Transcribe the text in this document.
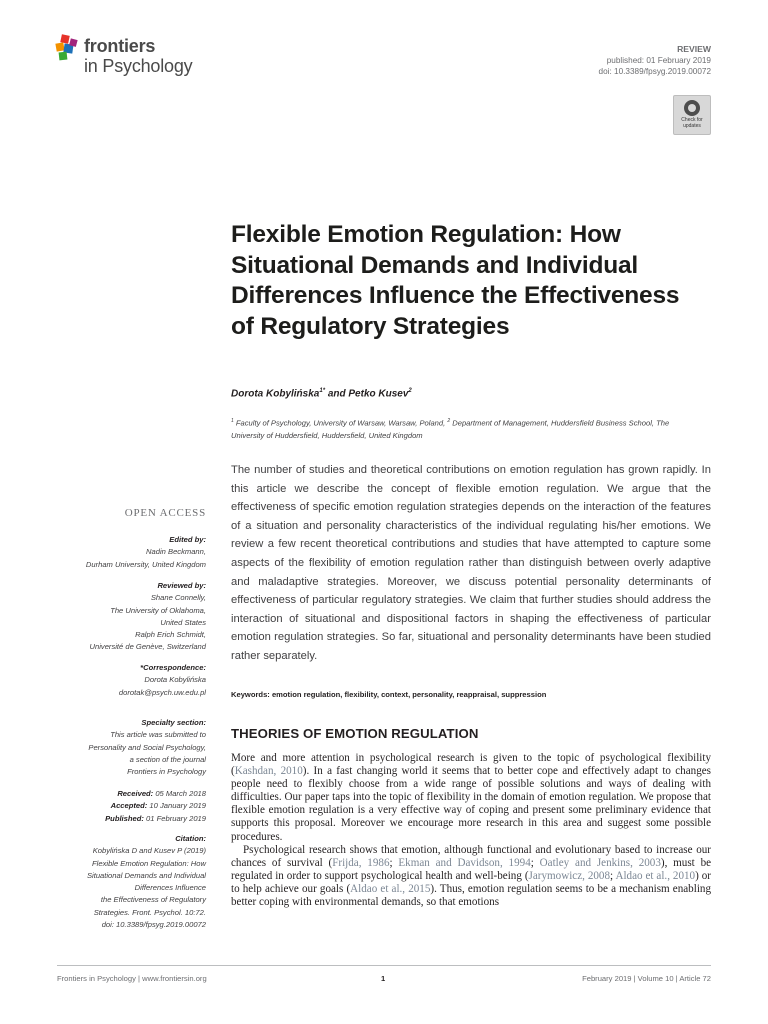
frontiers
in Psychology
REVIEW
published: 01 February 2019
doi: 10.3389/fpsyg.2019.00072
Check for
updates
Flexible Emotion Regulation: How Situational Demands and Individual Differences Influence the Effectiveness of Regulatory Strategies
Dorota Kobylińska$^{1*}$ and Petko Kusev$^2$
$^1$ Faculty of Psychology, University of Warsaw, Warsaw, Poland, $^2$ Department of Management, Huddersfield Business School, The University of Huddersfield, Huddersfield, United Kingdom
The number of studies and theoretical contributions on emotion regulation has grown rapidly. In this article we describe the concept of flexible emotion regulation. We argue that the effectiveness of specific emotion regulation strategies depends on the interaction of the features of a situation and personality characteristics of the individual regulating his/her emotions. We review a few recent theoretical contributions and studies that have attempted to capture some aspects of the flexibility of emotion regulation rather than distinguish between overly adaptive and maladaptive strategies. Moreover, we discuss potential personality determinants of effectiveness of particular regulatory strategies. We claim that further studies should address the interaction of situational and dispositional factors in shaping the effectiveness of particular emotion regulation strategies. So far, situational and personality determinants have been studied rather separately.
Keywords: emotion regulation, flexibility, context, personality, reappraisal, suppression
THEORIES OF EMOTION REGULATION

More and more attention in psychological research is given to the topic of psychological flexibility (Kashdan, 2010). In a fast changing world it seems that to better cope and effectively adapt to changes people need to flexibly choose from a wide range of possible solutions and ways of dealing with difficulties. Our paper taps into the topic of flexibility in the domain of emotion regulation. We propose that flexible emotion regulation is a very effective way of coping and present some preliminary evidence that supports this proposal. Moreover we encourage more research in this area and suggest some possible procedures.

Psychological research shows that emotion, although functional and evolutionary based to increase our chances of survival (Frijda, 1986; Ekman and Davidson, 1994; Oatley and Jenkins, 2003), must be regulated in order to support psychological health and well-being (Jarymowicz, 2008; Aldao et al., 2010) or to help achieve our goals (Aldao et al., 2015). Thus, emotion regulation seems to be a mechanism enabling better coping with environmental demands, so that emotions

OPEN ACCESS
Edited by:
Nadin Beckmann,
Durham University, United Kingdom
Reviewed by:
Shane Connelly,
The University of Oklahoma,
United States
Ralph Erich Schmidt,
Université de Genève, Switzerland
*Correspondence:
Dorota Kobylińska
dorotak@psych.uw.edu.pl
Specialty section:
This article was submitted to
Personality and Social Psychology,
a section of the journal
Frontiers in Psychology
Received: 05 March 2018
Accepted: 10 January 2019
Published: 01 February 2019
Citation:
Kobylińska D and Kusev P (2019)
Flexible Emotion Regulation: How
Situational Demands and Individual
Differences Influence
the Effectiveness of Regulatory
Strategies. Front. Psychol. 10:72.
doi: 10.3389/fpsyg.2019.00072
Frontiers in Psychology | www.frontiersin.org	1	February 2019 | Volume 10 | Article 72
